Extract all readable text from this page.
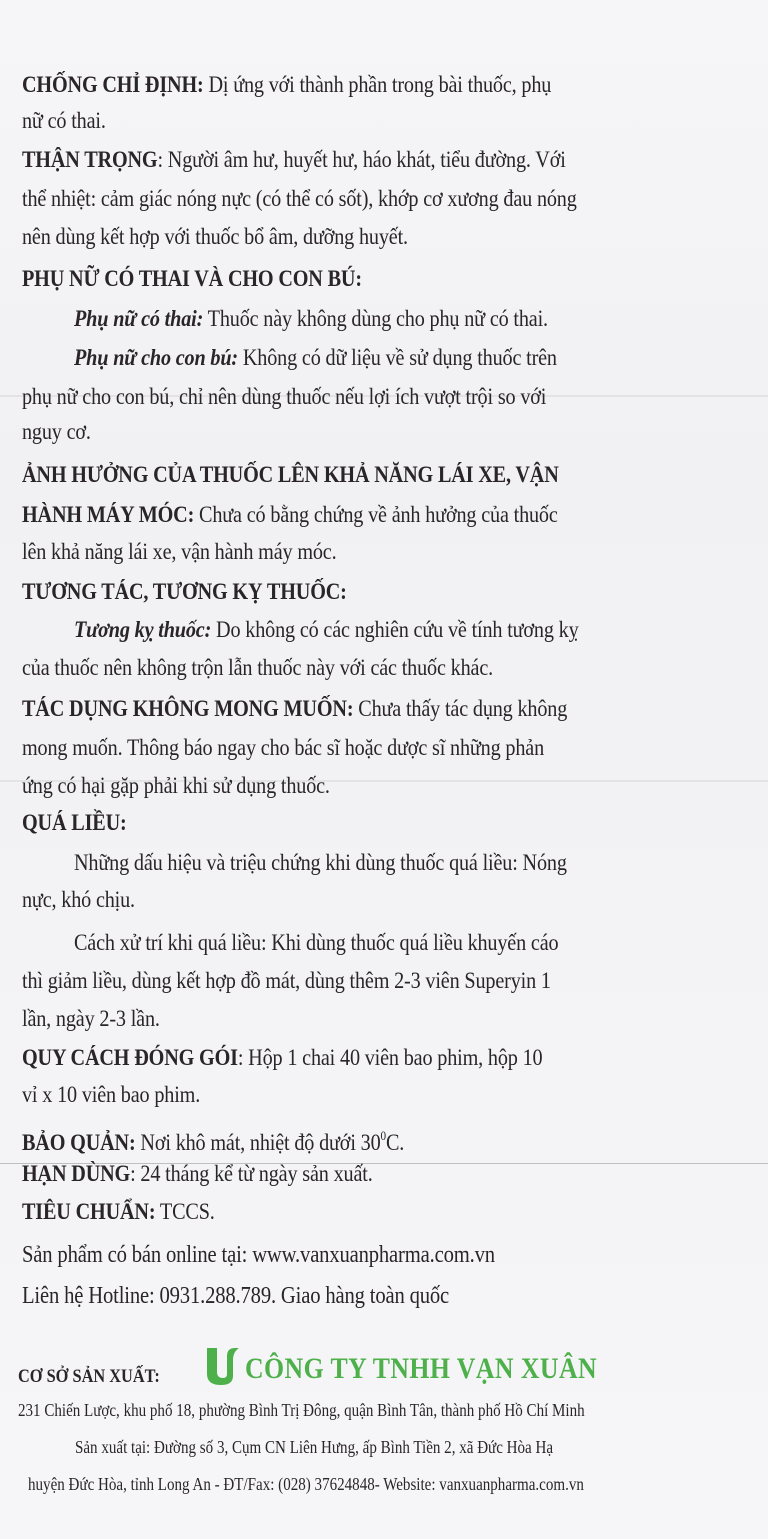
CHỐNG CHỈ ĐỊNH: Dị ứng với thành phần trong bài thuốc, phụ
nữ có thai.
THẬN TRỌNG: Người âm hư, huyết hư, háo khát, tiểu đường. Với
thể nhiệt: cảm giác nóng nực (có thể có sốt), khớp cơ xương đau nóng
nên dùng kết hợp với thuốc bổ âm, dưỡng huyết.
PHỤ NỮ CÓ THAI VÀ CHO CON BÚ:
Phụ nữ có thai: Thuốc này không dùng cho phụ nữ có thai.
Phụ nữ cho con bú: Không có dữ liệu về sử dụng thuốc trên
phụ nữ cho con bú, chỉ nên dùng thuốc nếu lợi ích vượt trội so với
nguy cơ.
ẢNH HƯỞNG CỦA THUỐC LÊN KHẢ NĂNG LÁI XE, VẬN
HÀNH MÁY MÓC: Chưa có bằng chứng về ảnh hưởng của thuốc
lên khả năng lái xe, vận hành máy móc.
TƯƠNG TÁC, TƯƠNG KỴ THUỐC:
Tương kỵ thuốc: Do không có các nghiên cứu về tính tương kỵ
của thuốc nên không trộn lẫn thuốc này với các thuốc khác.
TÁC DỤNG KHÔNG MONG MUỐN: Chưa thấy tác dụng không
mong muốn. Thông báo ngay cho bác sĩ hoặc dược sĩ những phản
ứng có hại gặp phải khi sử dụng thuốc.
QUÁ LIỀU:
Những dấu hiệu và triệu chứng khi dùng thuốc quá liều: Nóng
nực, khó chịu.
Cách xử trí khi quá liều: Khi dùng thuốc quá liều khuyến cáo
thì giảm liều, dùng kết hợp đồ mát, dùng thêm 2-3 viên Superyin 1
lần, ngày 2-3 lần.
QUY CÁCH ĐÓNG GÓI: Hộp 1 chai 40 viên bao phim, hộp 10
vỉ x 10 viên bao phim.
BẢO QUẢN: Nơi khô mát, nhiệt độ dưới $30^0C$.
HẠN DÙNG: 24 tháng kể từ ngày sản xuất.
TIÊU CHUẨN: TCCS.
Sản phẩm có bán online tại: www.vanxuanpharma.com.vn
Liên hệ Hotline: 0931.288.789. Giao hàng toàn quốc
CƠ SỞ SẢN XUẤT:	CÔNG TY TNHH VẠN XUÂN
231 Chiến Lược, khu phố 18, phường Bình Trị Đông, quận Bình Tân, thành phố Hồ Chí Minh
Sản xuất tại: Đường số 3, Cụm CN Liên Hưng, ấp Bình Tiền 2, xã Đức Hòa Hạ
huyện Đức Hòa, tỉnh Long An - ĐT/Fax: (028) 37624848- Website: vanxuanpharma.com.vn
